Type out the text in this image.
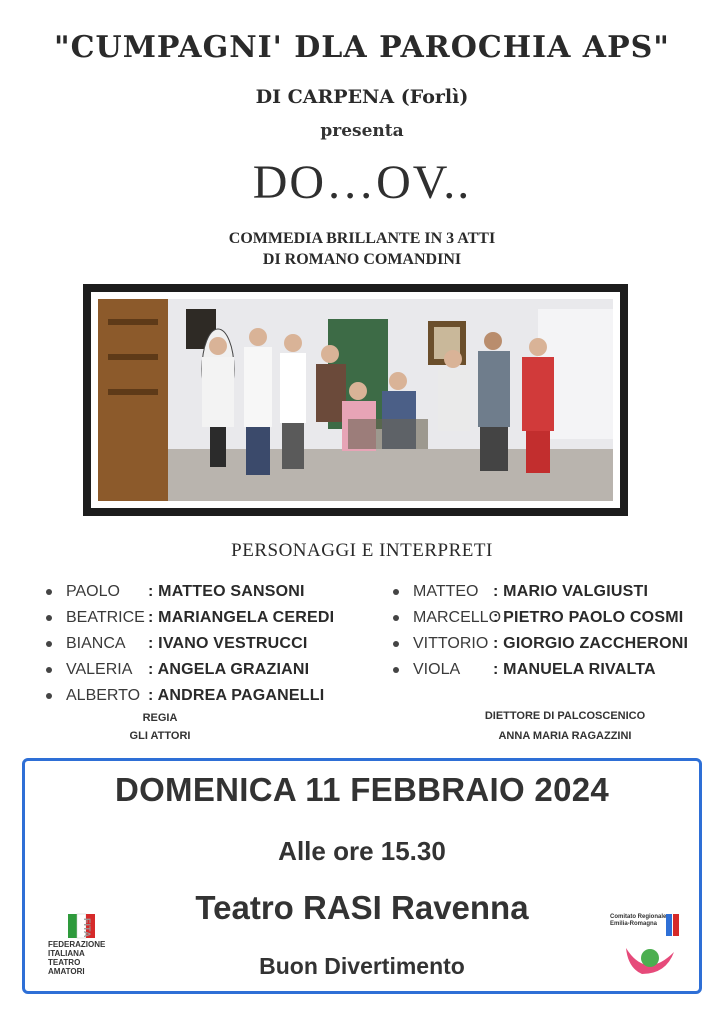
"CUMPAGNI' DLA PAROCHIA APS"
DI CARPENA (Forlì)
presenta
DO…OV..
COMMEDIA BRILLANTE IN 3 ATTI
DI ROMANO COMANDINI
PERSONAGGI E INTERPRETI
PAOLO : MATTEO SANSONI
BEATRICE : MARIANGELA CEREDI
BIANCA : IVANO VESTRUCCI
VALERIA : ANGELA GRAZIANI
ALBERTO : ANDREA PAGANELLI
MATTEO : MARIO VALGIUSTI
MARCELLO
: PIETRO PAOLO COSMI
VITTORIO : GIORGIO ZACCHERONI
VIOLA : MANUELA RIVALTA
REGIA
GLI ATTORI
DIETTORE DI PALCOSCENICO
ANNA MARIA RAGAZZINI
DOMENICA 11 FEBBRAIO 2024
Alle ore 15.30
Teatro RASI Ravenna
Buon Divertimento
FEDERAZIONE ITALIANA TEATRO AMATORI
FITA
Comitato Regionale Emilia-Romagna
